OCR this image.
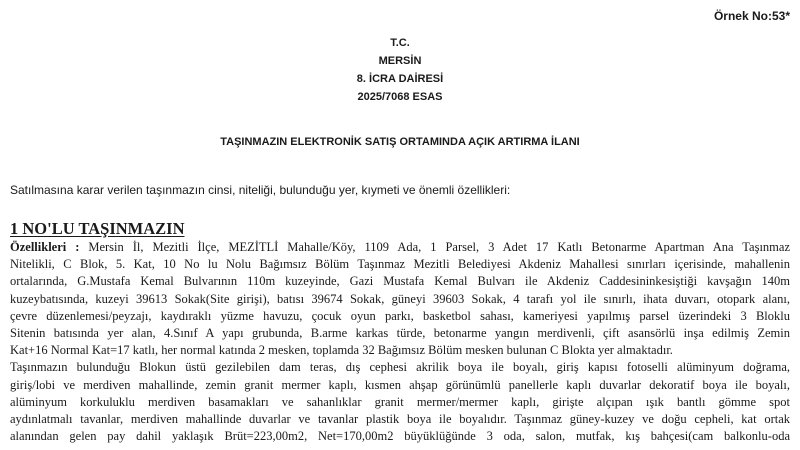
Örnek No:53*
T.C.
MERSİN
8. İCRA DAİRESİ
2025/7068 ESAS
TAŞINMAZIN ELEKTRONİK SATIŞ ORTAMINDA AÇIK ARTIRMA İLANI
Satılmasına karar verilen taşınmazın cinsi, niteliği, bulunduğu yer, kıymeti ve önemli özellikleri:
1 NO'LU TAŞINMAZIN
Özellikleri : Mersin İl, Mezitli İlçe, MEZİTLİ Mahalle/Köy, 1109 Ada, 1 Parsel, 3 Adet 17 Katlı Betonarme Apartman Ana Taşınmaz
Nitelikli, C Blok, 5. Kat, 10 No lu Nolu Bağımsız Bölüm Taşınmaz Mezitli Belediyesi Akdeniz Mahallesi sınırları içerisinde, mahallenin
ortalarında, G.Mustafa Kemal Bulvarının 110m kuzeyinde, Gazi Mustafa Kemal Bulvarı ile Akdeniz Caddesininkesiştiği kavşağın 140m
kuzeybatısında, kuzeyi 39613 Sokak(Site girişi), batısı 39674 Sokak, güneyi 39603 Sokak, 4 tarafı yol ile sınırlı, ihata duvarı, otopark alanı,
çevre düzenlemesi/peyzajı, kaydıraklı yüzme havuzu, çocuk oyun parkı, basketbol sahası, kameriyesi yapılmış parsel üzerindeki 3 Bloklu
Sitenin batısında yer alan, 4.Sınıf A yapı grubunda, B.arme karkas türde, betonarme yangın merdivenli, çift asansörlü inşa edilmiş Zemin
Kat+16 Normal Kat=17 katlı, her normal katında 2 mesken, toplamda 32 Bağımsız Bölüm mesken bulunan C Blokta yer almaktadır.
Taşınmazın bulunduğu Blokun üstü gezilebilen dam teras, dış cephesi akrilik boya ile boyalı, giriş kapısı fotoselli alüminyum doğrama,
giriş/lobi ve merdiven mahallinde, zemin granit mermer kaplı, kısmen ahşap görünümlü panellerle kaplı duvarlar dekoratif boya ile boyalı,
alüminyum korkuluklu merdiven basamakları ve sahanlıklar granit mermer/mermer kaplı, girişte alçıpan ışık bantlı gömme spot
aydınlatmalı tavanlar, merdiven mahallinde duvarlar ve tavanlar plastik boya ile boyalıdır. Taşınmaz güney-kuzey ve doğu cepheli, kat ortak
alanından gelen pay dahil yaklaşık Brüt=223,00m2, Net=170,00m2 büyüklüğünde 3 oda, salon, mutfak, kış bahçesi(cam balkonlu-oda
